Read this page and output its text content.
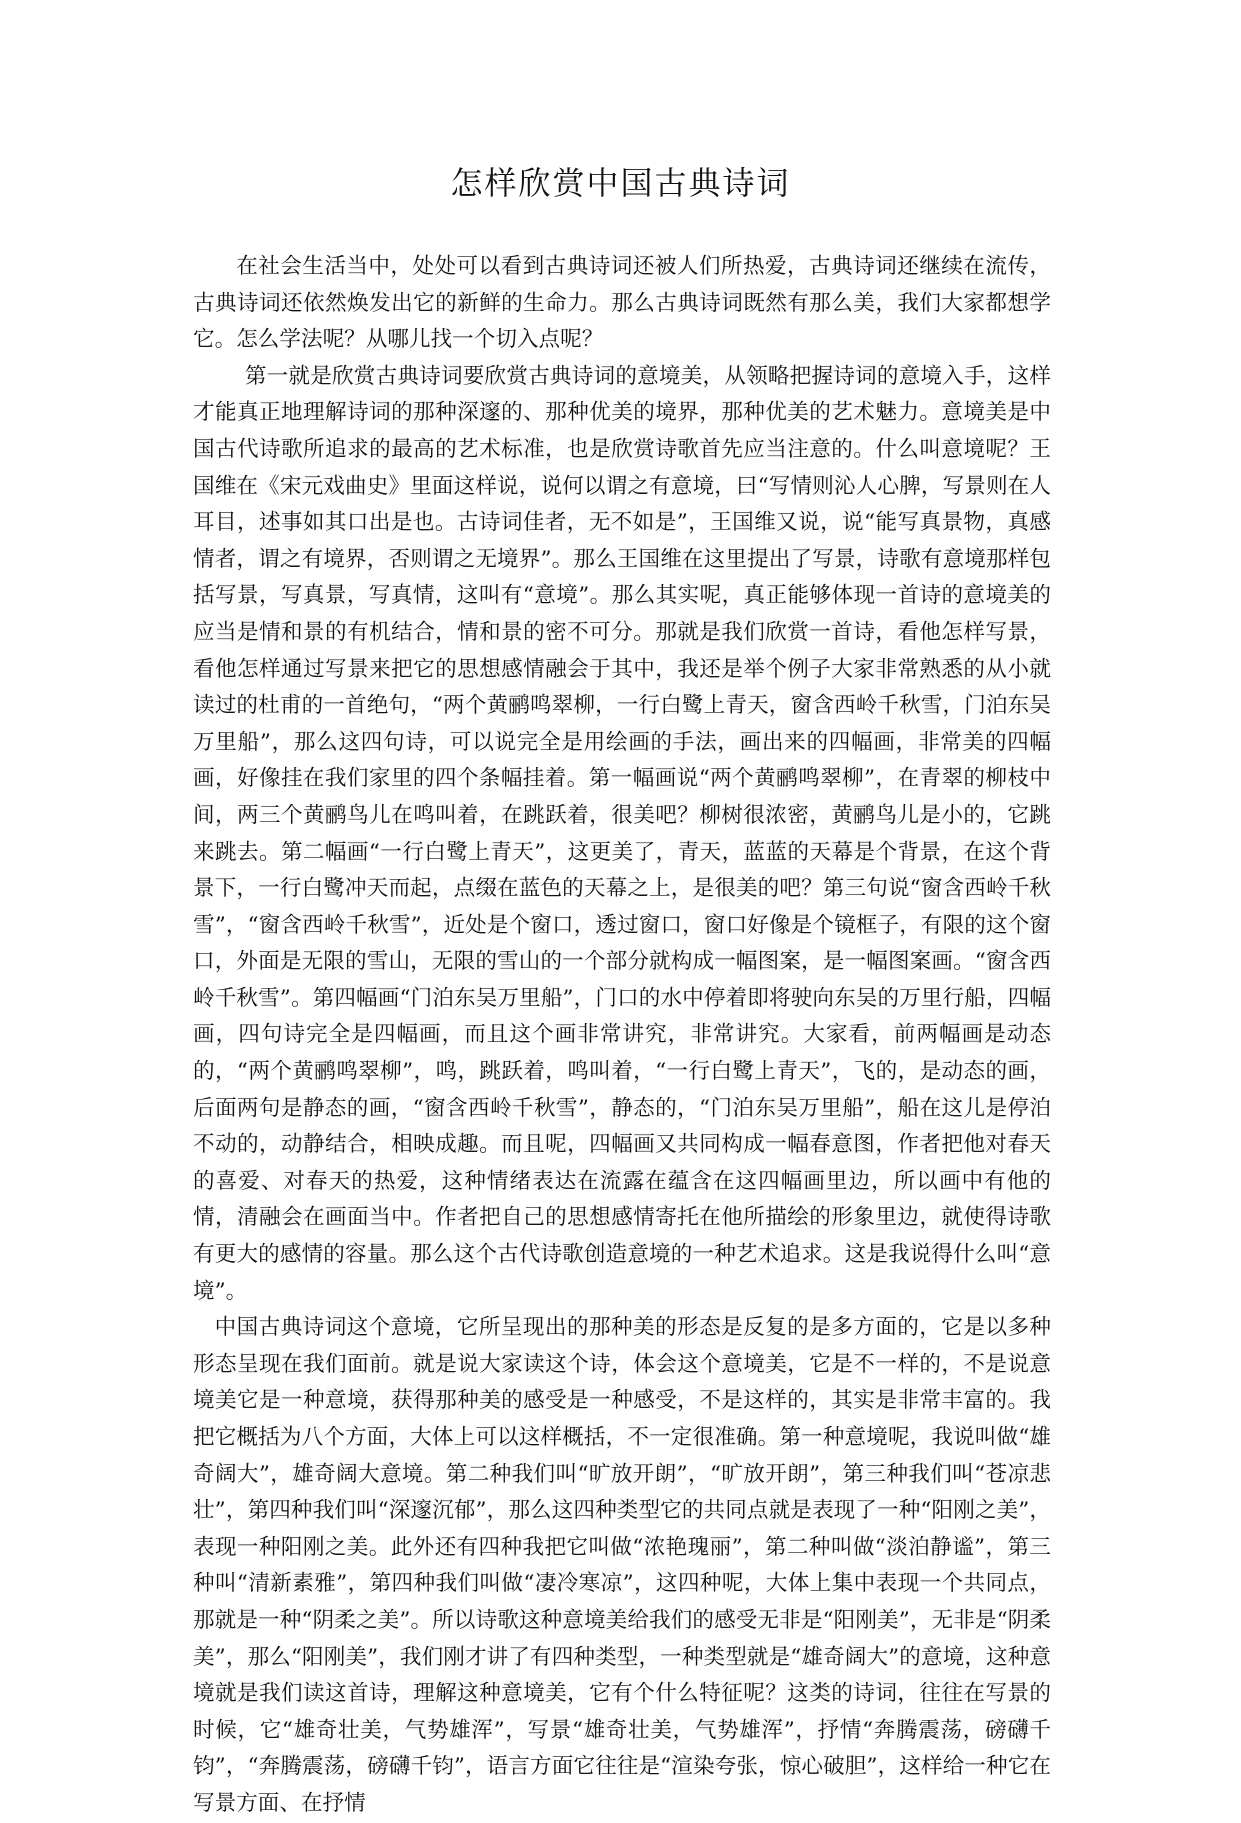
怎样欣赏中国古典诗词

在社会生活当中，处处可以看到古典诗词还被人们所热爱，古典诗词还继续在流传，古典诗词还依然焕发出它的新鲜的生命力。那么古典诗词既然有那么美，我们大家都想学它。怎么学法呢？从哪儿找一个切入点呢？

第一就是欣赏古典诗词要欣赏古典诗词的意境美，从领略把握诗词的意境入手，这样才能真正地理解诗词的那种深邃的、那种优美的境界，那种优美的艺术魅力。意境美是中国古代诗歌所追求的最高的艺术标准，也是欣赏诗歌首先应当注意的。什么叫意境呢？王国维在《宋元戏曲史》里面这样说，说何以谓之有意境，曰“写情则沁人心脾，写景则在人耳目，述事如其口出是也。古诗词佳者，无不如是”，王国维又说，说“能写真景物，真感情者，谓之有境界，否则谓之无境界”。那么王国维在这里提出了写景，诗歌有意境那样包括写景，写真景，写真情，这叫有“意境”。那么其实呢，真正能够体现一首诗的意境美的应当是情和景的有机结合，情和景的密不可分。那就是我们欣赏一首诗，看他怎样写景，看他怎样通过写景来把它的思想感情融会于其中，我还是举个例子大家非常熟悉的从小就读过的杜甫的一首绝句，“两个黄鹂鸣翠柳，一行白鹭上青天，窗含西岭千秋雪，门泊东吴万里船”，那么这四句诗，可以说完全是用绘画的手法，画出来的四幅画，非常美的四幅画，好像挂在我们家里的四个条幅挂着。第一幅画说“两个黄鹂鸣翠柳”，在青翠的柳枝中间，两三个黄鹂鸟儿在鸣叫着，在跳跃着，很美吧？柳树很浓密，黄鹂鸟儿是小的，它跳来跳去。第二幅画“一行白鹭上青天”，这更美了，青天，蓝蓝的天幕是个背景，在这个背景下，一行白鹭冲天而起，点缀在蓝色的天幕之上，是很美的吧？第三句说“窗含西岭千秋雪”，“窗含西岭千秋雪”，近处是个窗口，透过窗口，窗口好像是个镜框子，有限的这个窗口，外面是无限的雪山，无限的雪山的一个部分就构成一幅图案，是一幅图案画。“窗含西岭千秋雪”。第四幅画“门泊东吴万里船”，门口的水中停着即将驶向东吴的万里行船，四幅画，四句诗完全是四幅画，而且这个画非常讲究，非常讲究。大家看，前两幅画是动态的，“两个黄鹂鸣翠柳”，鸣，跳跃着，鸣叫着，“一行白鹭上青天”，飞的，是动态的画，后面两句是静态的画，“窗含西岭千秋雪”，静态的，“门泊东吴万里船”，船在这儿是停泊不动的，动静结合，相映成趣。而且呢，四幅画又共同构成一幅春意图，作者把他对春天的喜爱、对春天的热爱，这种情绪表达在流露在蕴含在这四幅画里边，所以画中有他的情，清融会在画面当中。作者把自己的思想感情寄托在他所描绘的形象里边，就使得诗歌有更大的感情的容量。那么这个古代诗歌创造意境的一种艺术追求。这是我说得什么叫“意境”。

中国古典诗词这个意境，它所呈现出的那种美的形态是反复的是多方面的，它是以多种形态呈现在我们面前。就是说大家读这个诗，体会这个意境美，它是不一样的，不是说意境美它是一种意境，获得那种美的感受是一种感受，不是这样的，其实是非常丰富的。我把它概括为八个方面，大体上可以这样概括，不一定很准确。第一种意境呢，我说叫做“雄奇阔大”，雄奇阔大意境。第二种我们叫“旷放开朗”，“旷放开朗”，第三种我们叫“苍凉悲壮”，第四种我们叫“深邃沉郁”，那么这四种类型它的共同点就是表现了一种“阳刚之美”，表现一种阳刚之美。此外还有四种我把它叫做“浓艳瑰丽”，第二种叫做“淡泊静谧”，第三种叫“清新素雅”，第四种我们叫做“凄冷寒凉”，这四种呢，大体上集中表现一个共同点，那就是一种“阴柔之美”。所以诗歌这种意境美给我们的感受无非是“阳刚美”，无非是“阴柔美”，那么“阳刚美”，我们刚才讲了有四种类型，一种类型就是“雄奇阔大”的意境，这种意境就是我们读这首诗，理解这种意境美，它有个什么特征呢？这类的诗词，往往在写景的时候，它“雄奇壮美，气势雄浑”，写景“雄奇壮美，气势雄浑”，抒情“奔腾震荡，磅礴千钧”，“奔腾震荡，磅礴千钧”，语言方面它往往是“渲染夸张，惊心破胆”，这样给一种它在写景方面、在抒情
